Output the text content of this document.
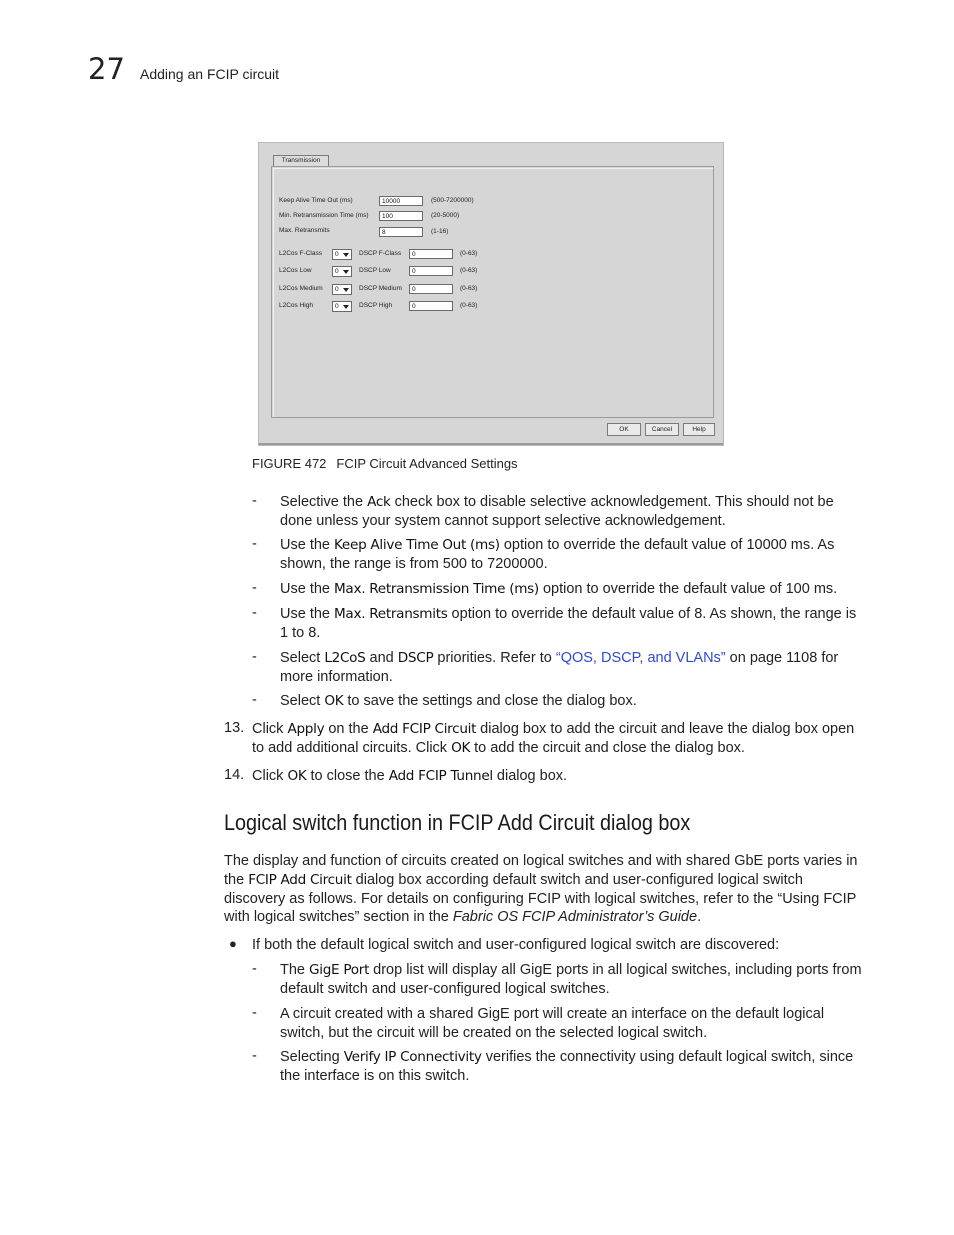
27 Adding an FCIP circuit
Transmission
Keep Alive Time Out (ms)	10000	(500-7200000)
Min. Retransmission Time (ms)	100	(20-5000)
Max. Retransmits	8	(1-16)
L2Cos F-Class	0	DSCP F-Class	0	(0-63)
L2Cos Low	0	DSCP Low	0	(0-63)
L2Cos Medium	0	DSCP Medium	0	(0-63)
L2Cos High	0	DSCP High	0	(0-63)
OK	Cancel	Help
FIGURE 472 FCIP Circuit Advanced Settings
- Selective the Ack check box to disable selective acknowledgement. This should not be
done unless your system cannot support selective acknowledgement.
- Use the Keep Alive Time Out (ms) option to override the default value of 10000 ms. As
shown, the range is from 500 to 7200000.
- Use the Max. Retransmission Time (ms) option to override the default value of 100 ms.
- Use the Max. Retransmits option to override the default value of 8. As shown, the range is
1 to 8.
- Select L2CoS and DSCP priorities. Refer to “QOS, DSCP, and VLANs” on page 1108 for
more information.
- Select OK to save the settings and close the dialog box.
13. Click Apply on the Add FCIP Circuit dialog box to add the circuit and leave the dialog box open
to add additional circuits. Click OK to add the circuit and close the dialog box.
14. Click OK to close the Add FCIP Tunnel dialog box.
Logical switch function in FCIP Add Circuit dialog box
The display and function of circuits created on logical switches and with shared GbE ports varies in
the FCIP Add Circuit dialog box according default switch and user-configured logical switch
discovery as follows. For details on configuring FCIP with logical switches, refer to the “Using FCIP
with logical switches” section in the Fabric OS FCIP Administrator’s Guide.
● If both the default logical switch and user-configured logical switch are discovered:
- The GigE Port drop list will display all GigE ports in all logical switches, including ports from
default switch and user-configured logical switches.
- A circuit created with a shared GigE port will create an interface on the default logical
switch, but the circuit will be created on the selected logical switch.
- Selecting Verify IP Connectivity verifies the connectivity using default logical switch, since
the interface is on this switch.
